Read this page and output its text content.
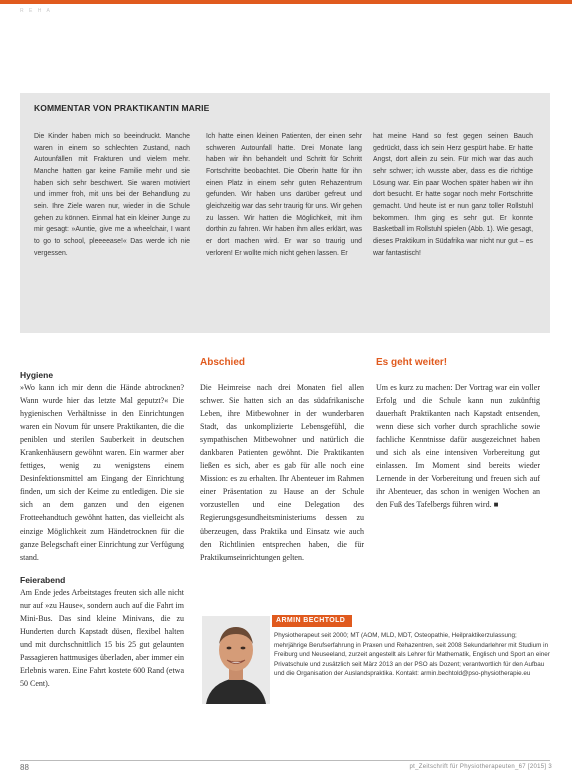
R E H A
KOMMENTAR VON PRAKTIKANTIN MARIE
Die Kinder haben mich so beeindruckt. Manche waren in einem so schlechten Zustand, nach Autounfällen mit Frakturen und vielem mehr. Manche hatten gar keine Familie mehr und sie haben sich sehr beschwert. Sie waren motiviert und immer froh, mit uns bei der Behandlung zu sein. Ihre Ziele waren nur, wieder in die Schule gehen zu können. Einmal hat ein kleiner Junge zu mir gesagt: »Auntie, give me a wheelchair, I want to go to school, pleeeease!« Das werde ich nie vergessen.
Ich hatte einen kleinen Patienten, der einen sehr schweren Autounfall hatte. Drei Monate lang haben wir ihn behandelt und Schritt für Schritt Fortschritte beobachtet. Die Oberin hatte für ihn einen Platz in einem sehr guten Rehazentrum gefunden. Wir haben uns darüber gefreut und gleichzeitig war das sehr traurig für uns. Wir gehen zu lassen. Wir hatten die Möglichkeit, mit ihm dorthin zu fahren. Wir haben ihm alles erklärt, was er dort machen wird. Er war so traurig und verloren! Er wollte mich nicht gehen lassen. Er
hat meine Hand so fest gegen seinen Bauch gedrückt, dass ich sein Herz gespürt habe. Er hatte Angst, dort allein zu sein. Für mich war das auch sehr schwer; ich wusste aber, dass es die richtige Lösung war. Ein paar Wochen später haben wir ihn dort besucht. Er hatte sogar noch mehr Fortschritte gemacht. Und heute ist er nun ganz toller Rollstuhl bekommen. Ihm ging es sehr gut. Er konnte Basketball im Rollstuhl spielen (Abb. 1). Wie gesagt, dieses Praktikum in Südafrika war nicht nur gut – es war fantastisch!
Hygiene

»Wo kann ich mir denn die Hände abtrocknen? Wann wurde hier das letzte Mal geputzt?« Die hygienischen Verhältnisse in den Einrichtungen waren ein Novum für unsere Praktikanten, die die peniblen und sterilen Sauberkeit in deutschen Krankenhäusern gewöhnt waren. Ein warmer aber fettiges, wenig zu wenigstens einem Desinfektionsmittel am Eingang der Einrichtung finden, um sich der Keime zu entledigen. Die sie sich an dem ganzen und den eigenen Frotteehandtuch gewöhnt hatten, das vielleicht als einzige Möglichkeit zum Händetrocknen für die ganze Belegschaft einer Einrichtung zur Verfügung stand.

Feierabend

Am Ende jedes Arbeitstages freuten sich alle nicht nur auf »zu Hause«, sondern auch auf die Fahrt im Mini-Bus. Das sind kleine Minivans, die zu Hunderten durch Kapstadt düsen, flexibel halten und mit durchschnittlich 15 bis 25 gut gelaunten Passagieren hattmusiges überladen, aber immer ein Erlebnis waren. Eine Fahrt kostete 600 Rand (etwa 50 Cent).

Abschied

Die Heimreise nach drei Monaten fiel allen schwer. Sie hatten sich an das südafrikanische Leben, ihre Mitbewohner in der wunderbaren Stadt, das unkomplizierte Lebensgefühl, die sympathischen Mitbewohner und natürlich die dankbaren Patienten gewöhnt. Die Praktikanten ließen es sich, aber es gab für alle noch eine Mission: es zu erhalten. Ihr Abenteuer im Rahmen einer Präsentation zu Hause an der Schule vorzustellen und eine Delegation des Regierungsgesundheitsministeriums dessen zu überzeugen, dass Praktika und Einsatz wie auch den Richtlinien entsprechen haben, die für Praktikumseinrichtungen gelten.

Es geht weiter!

Um es kurz zu machen: Der Vortrag war ein voller Erfolg und die Schule kann nun zukünftig dauerhaft Praktikanten nach Kapstadt entsenden, wenn diese sich vorher durch sprachliche sowie fachliche Kenntnisse dafür ausgezeichnet haben und sich als eine intensiven Vorbereitung gut einlassen. Im Moment sind bereits wieder Lernende in der Vorbereitung und freuen sich auf ihr Abenteuer, das schon in wenigen Wochen an den Fuß des Tafelbergs führen wird. ■

ARMIN BECHTOLD
Physiotherapeut seit 2000; MT (AOM, MLD, MDT, Osteopathie, Heilpraktikerzulassung; mehrjährige Berufserfahrung in Praxen und Rehazentren, seit 2008 Sekundarlehrer mit Studium in Freiburg und Neuseeland, zurzeit angestellt als Lehrer für Mathematik, Englisch und Sport an einer Privatschule und zusätzlich seit März 2013 an der PSO als Dozent; verantwortlich für den Aufbau und die Organisation der Auslandspraktika. Kontakt: armin.bechtold@pso-physiotherapie.eu
88	pt_Zeitschrift für Physiotherapeuten_67 [2015] 3
